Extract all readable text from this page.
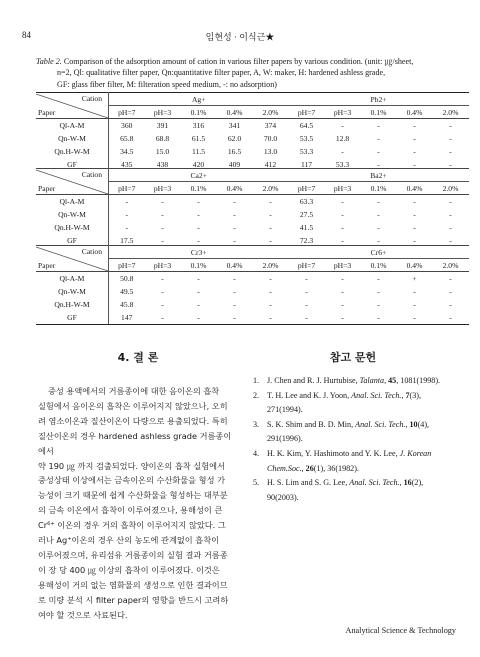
84	임현성 · 이식근★
Table 2. Comparison of the adsorption amount of cation in various filter papers by various condition. (unit: ㎍/sheet,
n=2, Ql: qualitative filter paper, Qn:quantitative filter paper, A, W: maker, H: hardened ashless grade,
GF: glass fiber filter, M: filteration speed medium, -: no adsorption)
Cation
Paper	Ag+					Pb2+				
	pH=7	pH=3	0.1%	0.4%	2.0%	pH=7	pH=3	0.1%	0.4%	2.0%
Ql-A-M	360	391	316	341	374	64.5	-	-	-	-
Qn-W-M	65.8	68.8	61.5	62.0	70.0	53.5	12.8	-	-	-
Qn.H-W-M	34.5	15.0	11.5	16.5	13.0	53.3	-	-	-	-
GF	435	438	420	409	412	117	53.3	-	-	-
Cation
Paper	Ca2+					Ba2+				
	pH=7	pH=3	0.1%	0.4%	2.0%	pH=7	pH=3	0.1%	0.4%	2.0%
Ql-A-M	-	-	-	-	-	63.3	-	-	-	-
Qn-W-M	-	-	-	-	-	27.5	-	-	-	-
Qn.H-W-M	-	-	-	-	-	41.5	-	-	-	-
GF	17.5	-	-	-	-	72.3	-	-	-	-
Cation
Paper	Cr3+					Cr6+				
	pH=7	pH=3	0.1%	0.4%	2.0%	pH=7	pH=3	0.1%	0.4%	2.0%
Ql-A-M	50.8	-	-	-	-	-	-	-	+	-
Qn-W-M	49.5	-	-	-	-	-	-	-	-	-
Qn.H-W-M	45.8	-	-	-	-	-	-	-	-	-
GF	147	-	-	-	-	-	-	-	-	-
4. 결 론

중성 용액에서의 거름종이에 대한 음이온의 흡착

실험에서 음이온의 흡착은 이루어지지 않았으나, 오히

려 염소이온과 질산이온이 다량으로 용출되었다. 특히

질산이온의 경우 hardened ashless grade 거름종이에서

약 190 ㎍ 까지 검출되었다. 양이온의 흡착 실험에서

중성상태 이상에서는 금속이온의 수산화물을 형성 가

능성이 크기 때문에 쉽게 수산화물을 형성하는 대부분

의 금속 이온에서 흡착이 이루어졌으나, 용해성이 큰

Cr⁶⁺ 이온의 경우 거의 흡착이 이루어지지 않았다. 그

러나 Ag⁺이온의 경우 산의 농도에 관계없이 흡착이

이루어졌으며, 유리섬유 거름종이의 실험 결과 거름종

이 장 당 400 ㎍ 이상의 흡착이 이루어졌다. 이것은

용해성이 거의 없는 염화물의 생성으로 인한 결과이므

로 미량 분석 시 filter paper의 영향을 반드시 고려하

여야 할 것으로 사료된다.

참고 문헌
1. J. Chen and R. J. Hurtubise, Talanta, 45, 1081(1998).
2. T. H. Lee and K. J. Yoon, Anal. Sci. Tech., 7(3), 271(1994).
3. S. K. Shim and B. D. Min, Anal. Sci. Tech., 10(4), 291(1996).
4. H. K. Kim, Y. Hashimoto and Y. K. Lee, J. Korean Chem.Soc., 26(1), 36(1982).
5. H. S. Lim and S. G. Lee, Anal. Sci. Tech., 16(2), 90(2003).
Analytical Science & Technology
